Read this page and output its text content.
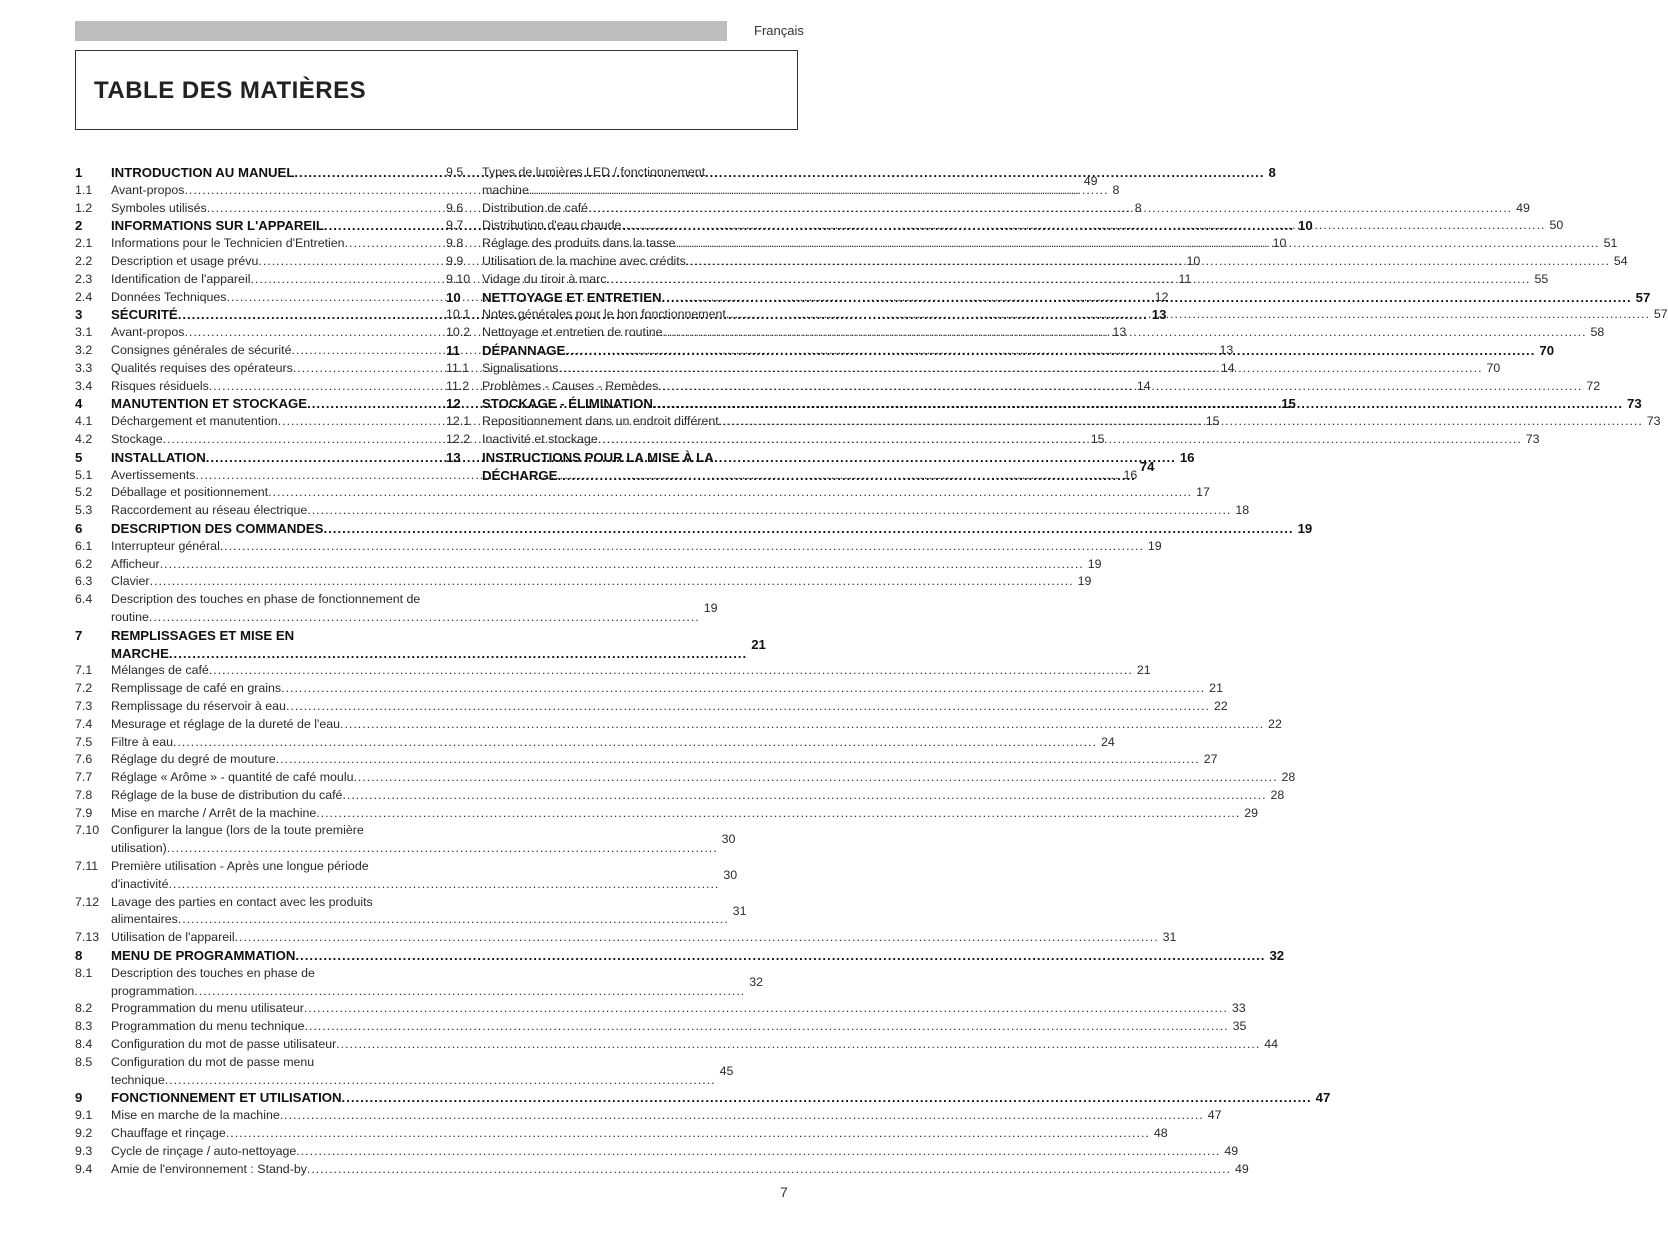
Français
TABLE DES MATIÈRES
1	INTRODUCTION AU MANUEL .....	8
1.1	Avant-propos .....	8
1.2	Symboles utilisés .....	8
2	INFORMATIONS SUR L'APPAREIL .....	10
2.1	Informations pour le Technicien d'Entretien .....	10
2.2	Description et usage prévu .....	10
2.3	Identification de l'appareil .....	11
2.4	Données Techniques .....	12
3	SÉCURITÉ .....	13
3.1	Avant-propos .....	13
3.2	Consignes générales de sécurité .....	13
3.3	Qualités requises des opérateurs .....	14
3.4	Risques résiduels .....	14
4	MANUTENTION ET STOCKAGE .....	15
4.1	Déchargement et manutention .....	15
4.2	Stockage .....	15
5	INSTALLATION .....	16
5.1	Avertissements .....	16
5.2	Déballage et positionnement .....	17
5.3	Raccordement au réseau électrique .....	18
6	DESCRIPTION DES COMMANDES .....	19
6.1	Interrupteur général .....	19
6.2	Afficheur .....	19
6.3	Clavier .....	19
6.4	Description des touches en phase de fonctionnement de routine .....
19
7	REMPLISSAGES ET MISE EN MARCHE .....
21
7.1	Mélanges de café .....	21
7.2	Remplissage de café en grains .....	21
7.3	Remplissage du réservoir à eau .....	22
7.4	Mesurage et réglage de la dureté de l'eau .....	22
7.5	Filtre à eau .....	24
7.6	Réglage du degré de mouture .....	27
7.7	Réglage « Arôme » - quantité de café moulu .....	28
7.8	Réglage de la buse de distribution du café .....	28
7.9	Mise en marche / Arrêt de la machine .....	29
7.10 Configurer la langue (lors de la toute première utilisation) .....
30
7.11	Première utilisation - Après une longue période d'inactivité .....
30
7.12 Lavage des parties en contact avec les produits alimentaires .....
31
7.13 Utilisation de l'appareil .....	31
8	MENU DE PROGRAMMATION .....	32
8.1	Description des touches en phase de programmation .....
32
8.2	Programmation du menu utilisateur .....	33
8.3	Programmation du menu technique .....	35
8.4	Configuration du mot de passe utilisateur .....	44
8.5	Configuration du mot de passe menu technique .....
45
9	FONCTIONNEMENT ET UTILISATION .....	47
9.1	Mise en marche de la machine .....	47
9.2	Chauffage et rinçage .....	48
9.3	Cycle de rinçage / auto-nettoyage .....	49
9.4	Amie de l'environnement : Stand-by .....	49
9.5	Types de lumières LED / fonctionnement machine .....
49
9.6	Distribution de café .....	49
9.7	Distribution d'eau chaude .....	50
9.8	Réglage des produits dans la tasse .....	51
9.9	Utilisation de la machine avec crédits .....	54
9.10 Vidage du tiroir à marc .....	55
10	NETTOYAGE ET ENTRETIEN .....	57
10.1 Notes générales pour le bon fonctionnement .....	57
10.2 Nettoyage et entretien de routine .....	58
11	DÉPANNAGE .....	70
11.1	Signalisations .....	70
11.2	Problèmes - Causes - Remèdes .....	72
12	STOCKAGE - ÉLIMINATION .....	73
12.1 Repositionnement dans un endroit différent .....	73
12.2 Inactivité et stockage .....	73
13	INSTRUCTIONS POUR LA MISE À LA DÉCHARGE .....
74
7
